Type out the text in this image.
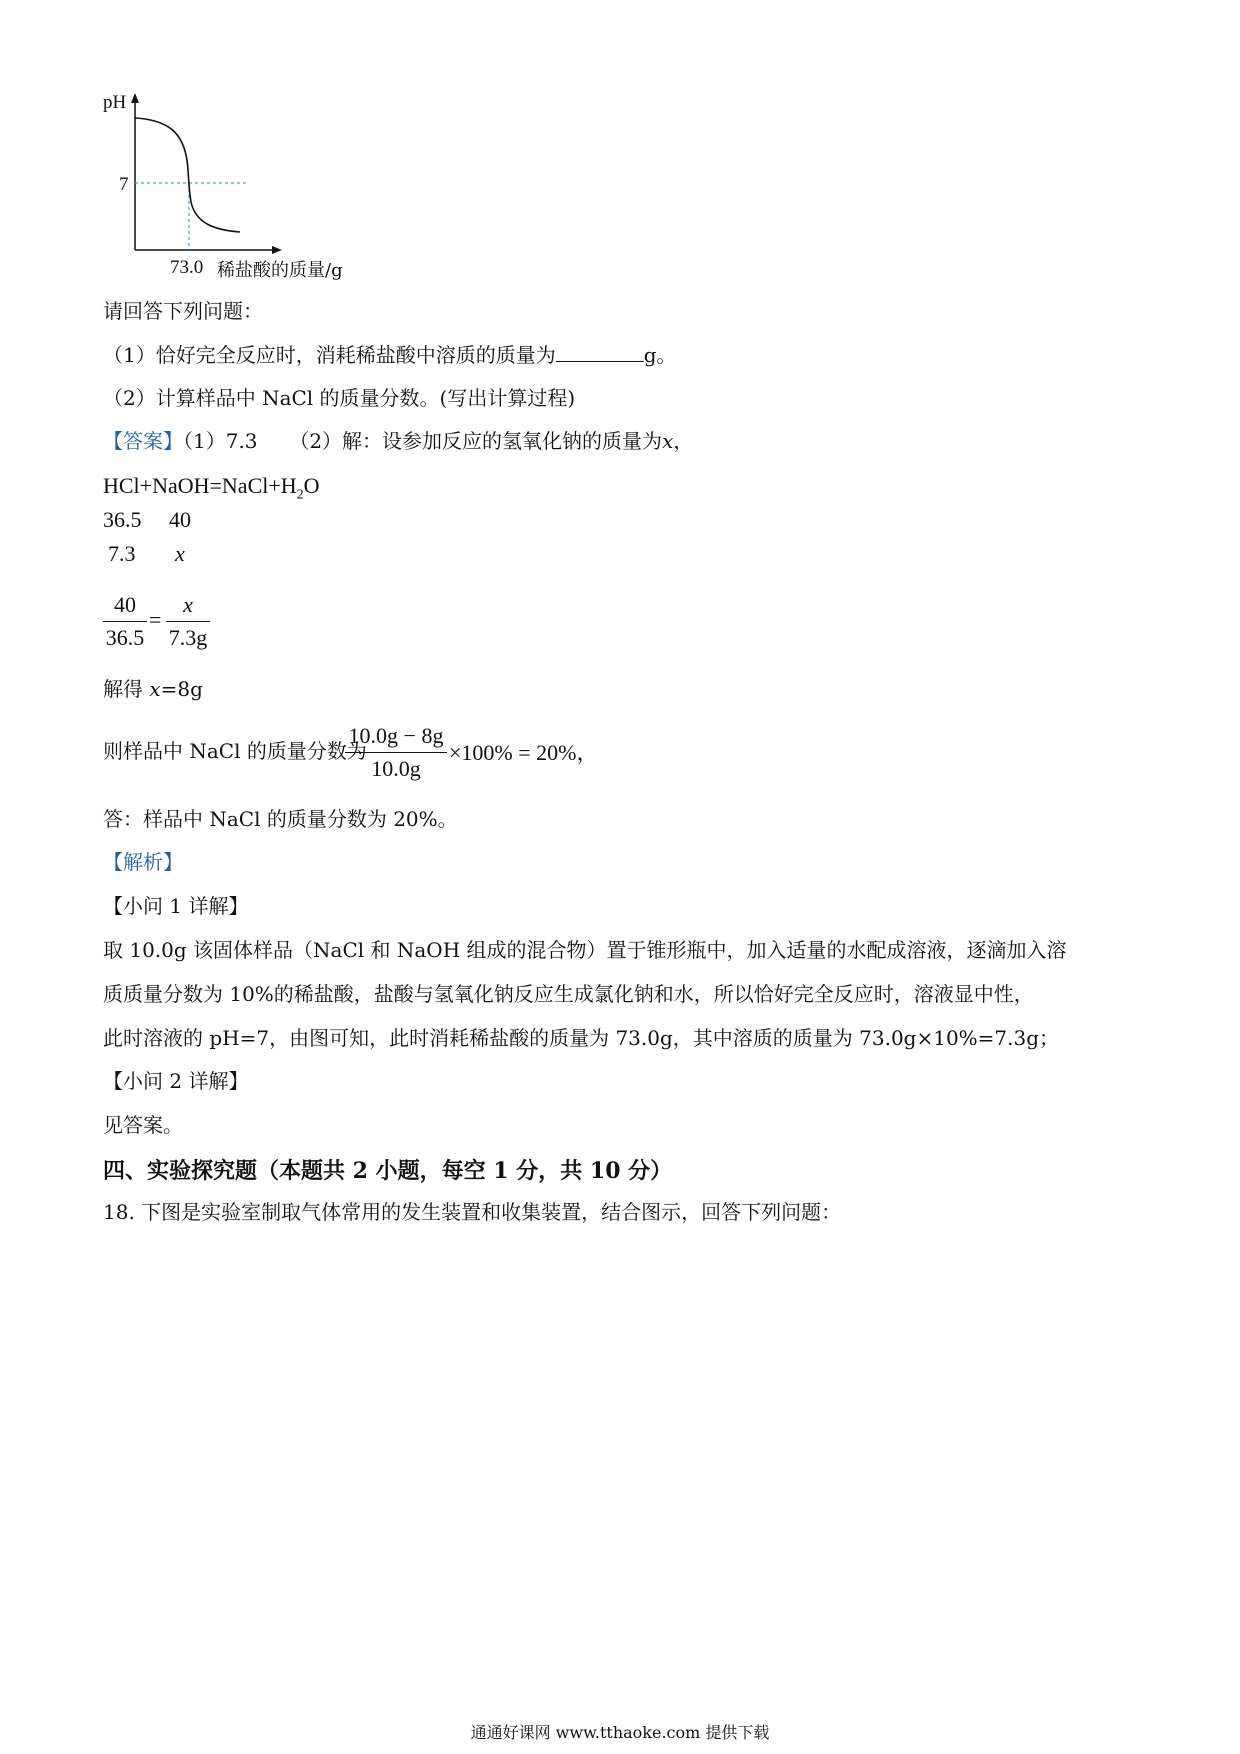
pH
7
73.0 稀盐酸的质量/g
请回答下列问题：
（1）恰好完全反应时，消耗稀盐酸中溶质的质量为	g。
（2）计算样品中 NaCl 的质量分数。(写出计算过程)
【答案】（1）7.3 （2）解：设参加反应的氢氧化钠的质量为x，
$HCl+NaOH=NaCl+H_2O$
36.5 40
7.3 x
40
36.5
=
x
7.3g
解得 x=8g
则样品中 NaCl 的质量分数为
10.0g − 8g
10.0g
×100% = 20%，
答：样品中 NaCl 的质量分数为 20%。
【解析】
【小问 1 详解】
取 10.0g 该固体样品（NaCl 和 NaOH 组成的混合物）置于锥形瓶中，加入适量的水配成溶液，逐滴加入溶
质质量分数为 10%的稀盐酸，盐酸与氢氧化钠反应生成氯化钠和水，所以恰好完全反应时，溶液显中性，
此时溶液的 pH=7，由图可知，此时消耗稀盐酸的质量为 73.0g，其中溶质的质量为 73.0g×10%=7.3g；
【小问 2 详解】
见答案。
四、实验探究题（本题共 2 小题，每空 1 分，共 10 分）
18. 下图是实验室制取气体常用的发生装置和收集装置，结合图示，回答下列问题：
通通好课网 www.tthaoke.com 提供下载
